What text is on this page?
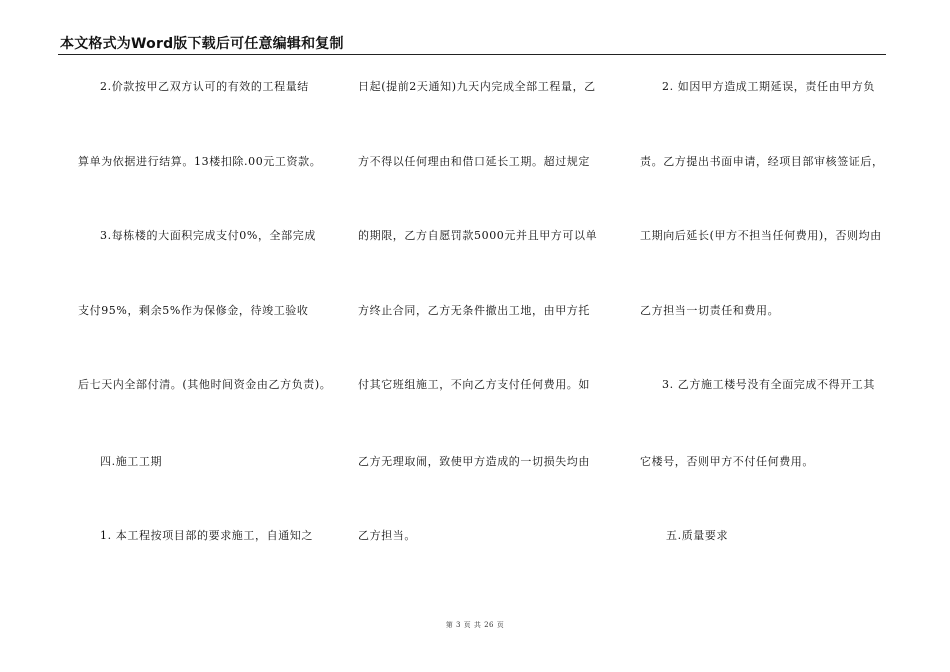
本文格式为Word版下载后可任意编辑和复制
2.价款按甲乙双方认可的有效的工程量结
算单为依据进行结算。13楼扣除.00元工资款。
3.每栋楼的大面积完成支付0%，全部完成
支付95%，剩余5%作为保修金，待竣工验收
后七天内全部付清。(其他时间资金由乙方负责)。
四.施工工期
1. 本工程按项目部的要求施工，自通知之
日起(提前2天通知)九天内完成全部工程量，乙
方不得以任何理由和借口延长工期。超过规定
的期限，乙方自愿罚款5000元并且甲方可以单
方终止合同，乙方无条件撤出工地，由甲方托
付其它班组施工，不向乙方支付任何费用。如
乙方无理取闹，致使甲方造成的一切损失均由
乙方担当。
2. 如因甲方造成工期延误，责任由甲方负
责。乙方提出书面申请，经项目部审核签证后，
工期向后延长(甲方不担当任何费用)，否则均由
乙方担当一切责任和费用。
3. 乙方施工楼号没有全面完成不得开工其
它楼号，否则甲方不付任何费用。
五.质量要求
第 3 页 共 26 页
